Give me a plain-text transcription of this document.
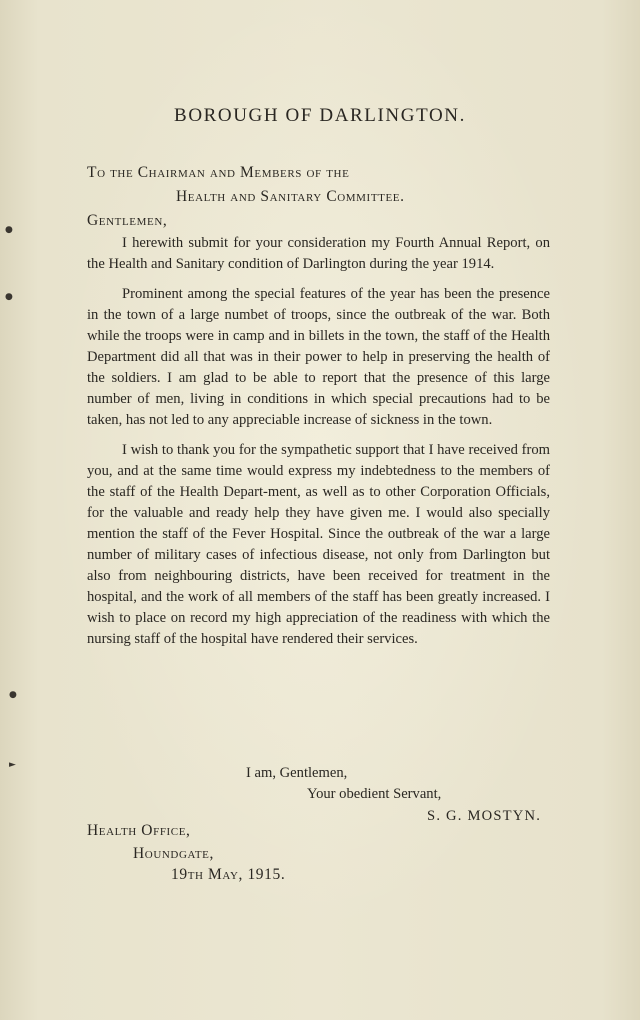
●
●
●
►
BOROUGH OF DARLINGTON.
To the Chairman and Members of the
Health and Sanitary Committee.
Gentlemen,

I herewith submit for your consideration my Fourth Annual Report, on the Health and Sanitary condition of Darlington during the year 1914.

Prominent among the special features of the year has been the presence in the town of a large numbet of troops, since the outbreak of the war. Both while the troops were in camp and in billets in the town, the staff of the Health Department did all that was in their power to help in preserving the health of the soldiers. I am glad to be able to report that the presence of this large number of men, living in conditions in which special precautions had to be taken, has not led to any appreciable increase of sickness in the town.

I wish to thank you for the sympathetic support that I have received from you, and at the same time would express my indebtedness to the members of the staff of the Health Depart-ment, as well as to other Corporation Officials, for the valuable and ready help they have given me. I would also specially mention the staff of the Fever Hospital. Since the outbreak of the war a large number of military cases of infectious disease, not only from Darlington but also from neighbouring districts, have been received for treatment in the hospital, and the work of all members of the staff has been greatly increased. I wish to place on record my high appreciation of the readiness with which the nursing staff of the hospital have rendered their services.

I am, Gentlemen,
Your obedient Servant,
S. G. MOSTYN.
Health Office,
Houndgate,
19th May, 1915.
